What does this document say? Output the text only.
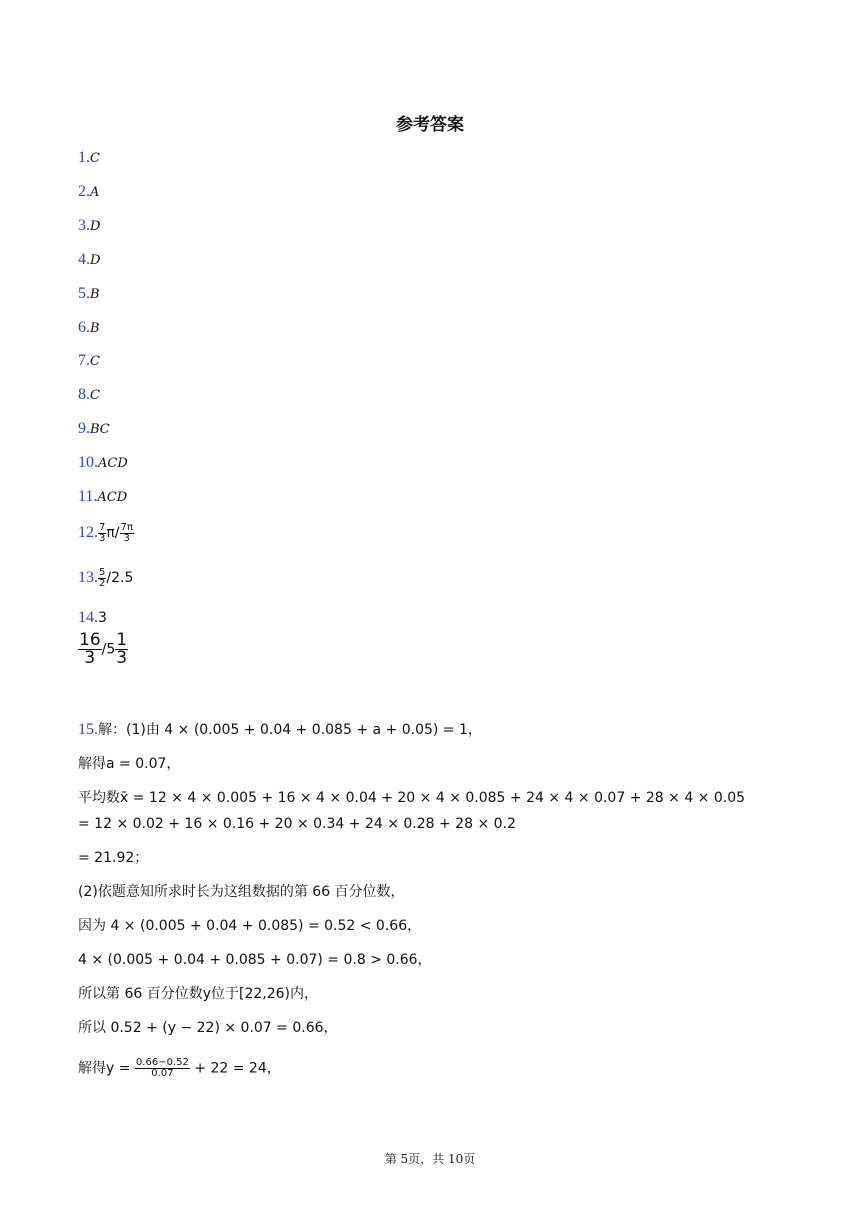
参考答案
1.C
2.A
3.D
4.D
5.B
6.B
7.C
8.C
9.BC
10.ACD
11.ACD
12. $\frac{7}{3} \pi/ \frac{7\pi}{3}$
13. $\frac{5}{2} /2.5$
14.3
$\frac{16}{3} /5 \frac{1}{3}$
15.解：(1)由 4 × (0.005 + 0.04 + 0.085 + a + 0.05) = 1，
解得a = 0.07，
平均数x̄ = 12 × 4 × 0.005 + 16 × 4 × 0.04 + 20 × 4 × 0.085 + 24 × 4 × 0.07 + 28 × 4 × 0.05
= 12 × 0.02 + 16 × 0.16 + 20 × 0.34 + 24 × 0.28 + 28 × 0.2
= 21.92；
(2)依题意知所求时长为这组数据的第 66 百分位数，
因为 4 × (0.005 + 0.04 + 0.085) = 0.52 < 0.66，
4 × (0.005 + 0.04 + 0.085 + 0.07) = 0.8 > 0.66，
所以第 66 百分位数y位于[22,26)内，
所以 0.52 + (y − 22) × 0.07 = 0.66，
解得$y = \frac{0.66-0.52}{0.07} + 22 = 24$，
第 5页，共 10页
